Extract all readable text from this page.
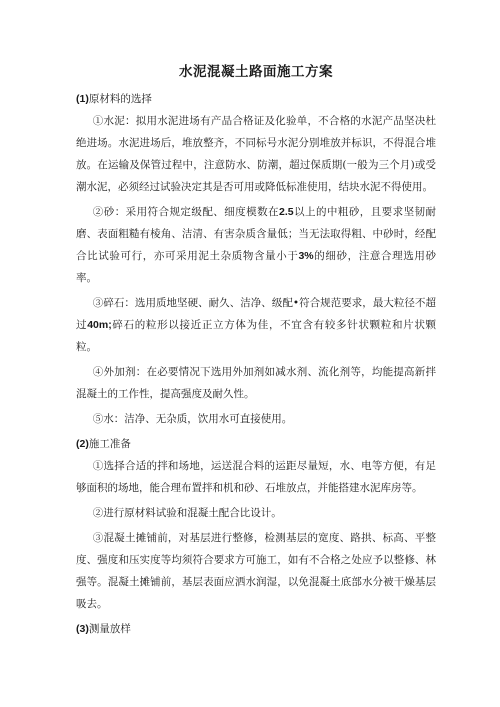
水泥混凝土路面施工方案

(1)原材料的选择

①水泥：拟用水泥进场有产品合格证及化验单，不合格的水泥产品坚决杜绝进场。水泥进场后，堆放整齐，不同标号水泥分别堆放并标识，不得混合堆放。在运输及保管过程中，注意防水、防潮，超过保质期(一般为三个月)或受潮水泥，必须经过试验决定其是否可用或降低标准使用，结块水泥不得使用。

②砂：采用符合规定级配、细度模数在2.5以上的中粗砂，且要求坚韧耐磨、表面粗糙有棱角、洁清、有害杂质含量低；当无法取得粗、中砂时，经配合比试验可行，亦可采用泥土杂质物含量小于3%的细砂，注意合理选用砂率。

③碎石：选用质地坚硬、耐久、洁净、级配•符合规范要求，最大粒径不超过40m;碎石的粒形以接近正立方体为佳，不宜含有较多针状颗粒和片状颗粒。

④外加剂：在必要情况下选用外加剂如减水剂、流化剂等，均能提高新拌混凝土的工作性，提高强度及耐久性。

⑤水：洁净、无杂质，饮用水可直接使用。

(2)施工准备

①选择合适的拌和场地，运送混合料的运距尽量短，水、电等方便，有足够面积的场地，能合理布置拌和机和砂、石堆放点，并能搭建水泥库房等。

②进行原材料试验和混凝土配合比设计。

③混凝土摊铺前，对基层进行整修，检测基层的宽度、路拱、标高、平整度、强度和压实度等均须符合要求方可施工，如有不合格之处应予以整修、林强等。混凝土摊铺前，基层表面应洒水润湿，以免混凝土底部水分被干燥基层吸去。

(3)测量放样
